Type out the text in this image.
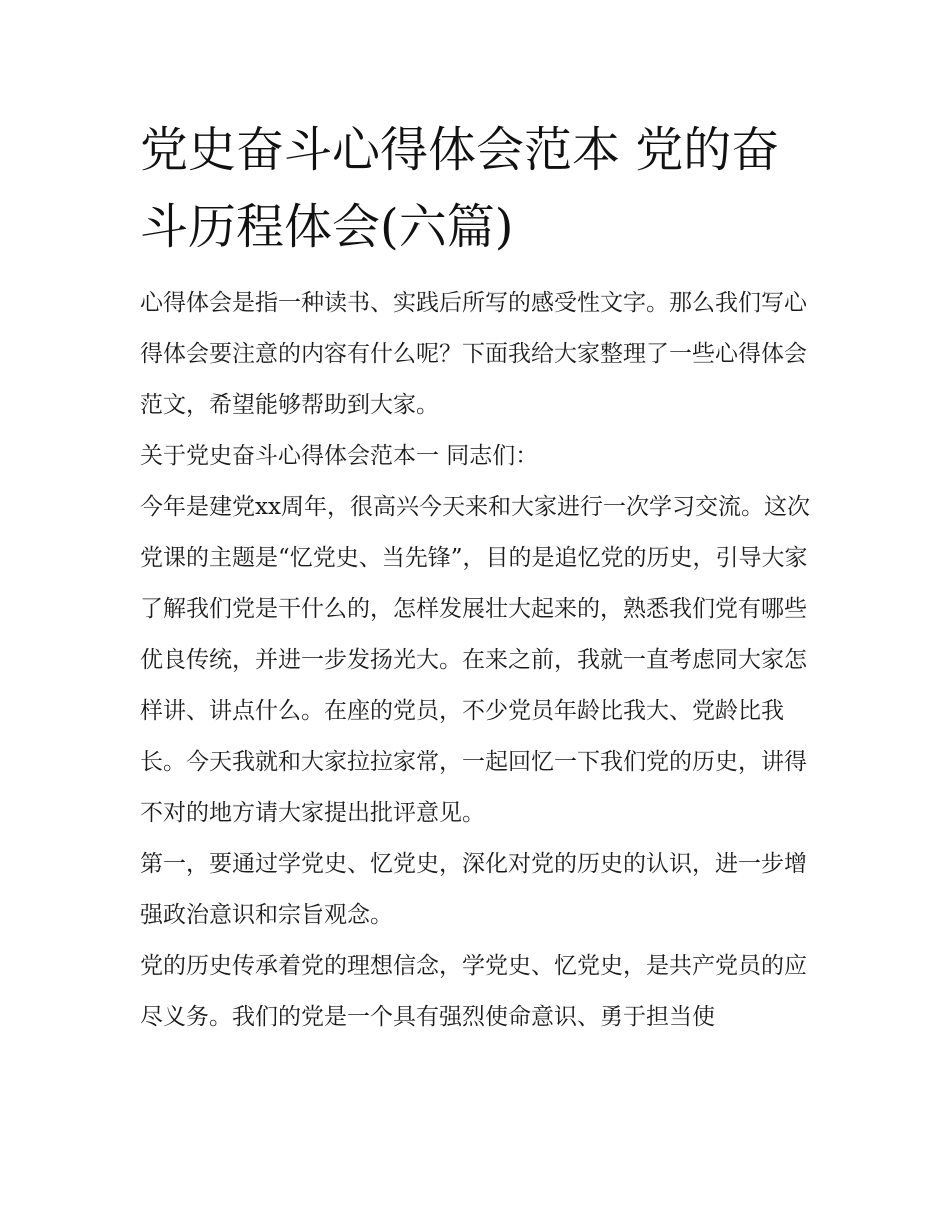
党史奋斗心得体会范本 党的奋斗历程体会(六篇)

心得体会是指一种读书、实践后所写的感受性文字。那么我们写心得体会要注意的内容有什么呢？下面我给大家整理了一些心得体会范文，希望能够帮助到大家。

关于党史奋斗心得体会范本一 同志们：

今年是建党xx周年，很高兴今天来和大家进行一次学习交流。这次党课的主题是“忆党史、当先锋”，目的是追忆党的历史，引导大家了解我们党是干什么的，怎样发展壮大起来的，熟悉我们党有哪些优良传统，并进一步发扬光大。在来之前，我就一直考虑同大家怎样讲、讲点什么。在座的党员，不少党员年龄比我大、党龄比我长。今天我就和大家拉拉家常，一起回忆一下我们党的历史，讲得不对的地方请大家提出批评意见。

第一，要通过学党史、忆党史，深化对党的历史的认识，进一步增强政治意识和宗旨观念。

党的历史传承着党的理想信念，学党史、忆党史，是共产党员的应尽义务。我们的党是一个具有强烈使命意识、勇于担当使
